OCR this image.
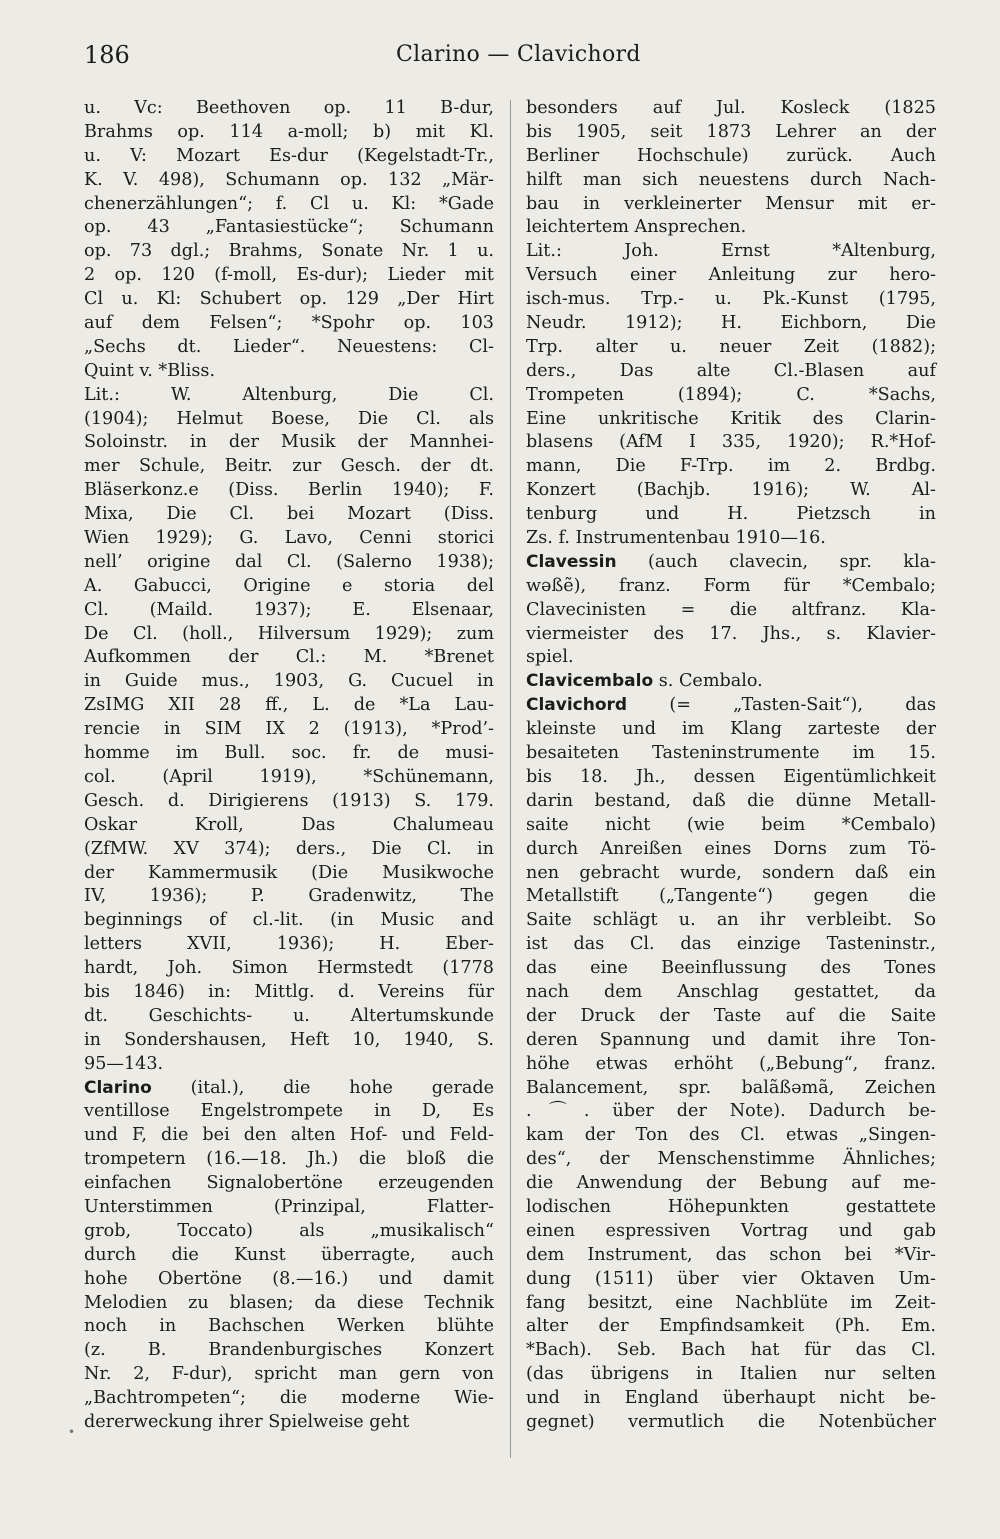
186	Clarino — Clavichord
u. Vc: Beethoven op. 11 B-dur,
Brahms op. 114 a-moll; b) mit Kl.
u. V: Mozart Es-dur (Kegelstadt-Tr.,
K. V. 498), Schumann op. 132 „Mär-
chenerzählungen“; f. Cl u. Kl: *Gade
op. 43 „Fantasiestücke“; Schumann
op. 73 dgl.; Brahms, Sonate Nr. 1 u.
2 op. 120 (f-moll, Es-dur); Lieder mit
Cl u. Kl: Schubert op. 129 „Der Hirt
auf dem Felsen“; *Spohr op. 103
„Sechs dt. Lieder“. Neuestens: Cl-
Quint v. *Bliss.
Lit.: W. Altenburg, Die Cl.
(1904); Helmut Boese, Die Cl. als
Soloinstr. in der Musik der Mannhei-
mer Schule, Beitr. zur Gesch. der dt.
Bläserkonz.e (Diss. Berlin 1940); F.
Mixa, Die Cl. bei Mozart (Diss.
Wien 1929); G. Lavo, Cenni storici
nell’ origine dal Cl. (Salerno 1938);
A. Gabucci, Origine e storia del
Cl. (Maild. 1937); E. Elsenaar,
De Cl. (holl., Hilversum 1929); zum
Aufkommen der Cl.: M. *Brenet
in Guide mus., 1903, G. Cucuel in
ZsIMG XII 28 ff., L. de *La Lau-
rencie in SIM IX 2 (1913), *Prod’-
homme im Bull. soc. fr. de musi-
col. (April 1919), *Schünemann,
Gesch. d. Dirigierens (1913) S. 179.
Oskar Kroll, Das Chalumeau
(ZfMW. XV 374); ders., Die Cl. in
der Kammermusik (Die Musikwoche
IV, 1936); P. Gradenwitz, The
beginnings of cl.-lit. (in Music and
letters XVII, 1936); H. Eber-
hardt, Joh. Simon Hermstedt (1778
bis 1846) in: Mittlg. d. Vereins für
dt. Geschichts- u. Altertumskunde
in Sondershausen, Heft 10, 1940, S.
95—143.
Clarino (ital.), die hohe gerade
ventillose Engelstrompete in D, Es
und F, die bei den alten Hof- und Feld-
trompetern (16.—18. Jh.) die bloß die
einfachen Signalobertöne erzeugenden
Unterstimmen (Prinzipal, Flatter-
grob, Toccato) als „musikalisch“
durch die Kunst überragte, auch
hohe Obertöne (8.—16.) und damit
Melodien zu blasen; da diese Technik
noch in Bachschen Werken blühte
(z. B. Brandenburgisches Konzert
Nr. 2, F-dur), spricht man gern von
„Bachtrompeten“; die moderne Wie-
dererweckung ihrer Spielweise geht
besonders auf Jul. Kosleck (1825
bis 1905, seit 1873 Lehrer an der
Berliner Hochschule) zurück. Auch
hilft man sich neuestens durch Nach-
bau in verkleinerter Mensur mit er-
leichtertem Ansprechen.
Lit.: Joh. Ernst *Altenburg,
Versuch einer Anleitung zur hero-
isch-mus. Trp.- u. Pk.-Kunst (1795,
Neudr. 1912); H. Eichborn, Die
Trp. alter u. neuer Zeit (1882);
ders., Das alte Cl.-Blasen auf
Trompeten (1894); C. *Sachs,
Eine unkritische Kritik des Clarin-
blasens (AfM I 335, 1920); R.*Hof-
mann, Die F-Trp. im 2. Brdbg.
Konzert (Bachjb. 1916); W. Al-
tenburg und H. Pietzsch in
Zs. f. Instrumentenbau 1910—16.
Clavessin (auch clavecin, spr. kla-
wəßẽ), franz. Form für *Cembalo;
Clavecinisten = die altfranz. Kla-
viermeister des 17. Jhs., s. Klavier-
spiel.
Clavicembalo s. Cembalo.
Clavichord (= „Tasten-Sait“), das
kleinste und im Klang zarteste der
besaiteten Tasteninstrumente im 15.
bis 18. Jh., dessen Eigentümlichkeit
darin bestand, daß die dünne Metall-
saite nicht (wie beim *Cembalo)
durch Anreißen eines Dorns zum Tö-
nen gebracht wurde, sondern daß ein
Metallstift („Tangente“) gegen die
Saite schlägt u. an ihr verbleibt. So
ist das Cl. das einzige Tasteninstr.,
das eine Beeinflussung des Tones
nach dem Anschlag gestattet, da
der Druck der Taste auf die Saite
deren Spannung und damit ihre Ton-
höhe etwas erhöht („Bebung“, franz.
Balancement, spr. balãßəmã, Zeichen
.⌒. über der Note). Dadurch be-
kam der Ton des Cl. etwas „Singen-
des“, der Menschenstimme Ähnliches;
die Anwendung der Bebung auf me-
lodischen Höhepunkten gestattete
einen espressiven Vortrag und gab
dem Instrument, das schon bei *Vir-
dung (1511) über vier Oktaven Um-
fang besitzt, eine Nachblüte im Zeit-
alter der Empfindsamkeit (Ph. Em.
*Bach). Seb. Bach hat für das Cl.
(das übrigens in Italien nur selten
und in England überhaupt nicht be-
gegnet) vermutlich die Notenbücher
•
